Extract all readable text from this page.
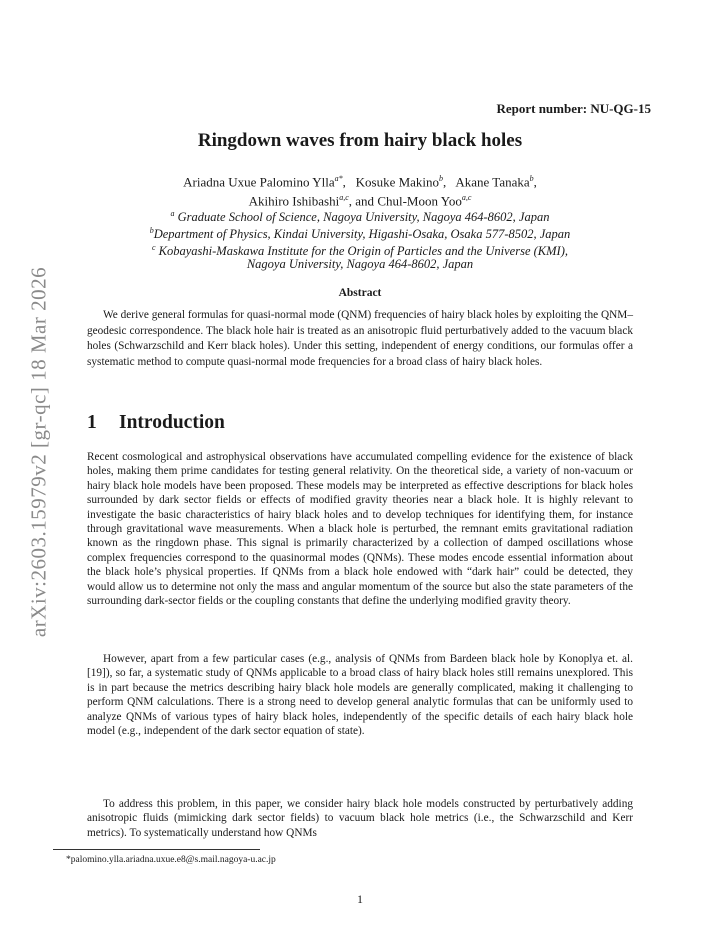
arXiv:2603.15979v2 [gr-qc] 18 Mar 2026
Report number: NU-QG-15
Ringdown waves from hairy black holes
Ariadna Uxue Palomino Ylla$^{a*}$,   Kosuke Makino$^b$,   Akane Tanaka$^b$,
Akihiro Ishibashi$^{a,c}$, and Chul-Moon Yoo$^{a,c}$
$^a$ Graduate School of Science, Nagoya University, Nagoya 464-8602, Japan
$^b$Department of Physics, Kindai University, Higashi-Osaka, Osaka 577-8502, Japan
$^c$ Kobayashi-Maskawa Institute for the Origin of Particles and the Universe (KMI),
Nagoya University, Nagoya 464-8602, Japan
Abstract
We derive general formulas for quasi-normal mode (QNM) frequencies of hairy black holes by exploiting the QNM–geodesic correspondence. The black hole hair is treated as an anisotropic fluid perturbatively added to the vacuum black holes (Schwarzschild and Kerr black holes). Under this setting, independent of energy conditions, our formulas offer a systematic method to compute quasi-normal mode frequencies for a broad class of hairy black holes.
1 Introduction
Recent cosmological and astrophysical observations have accumulated compelling evidence for the existence of black holes, making them prime candidates for testing general relativity. On the theoretical side, a variety of non-vacuum or hairy black hole models have been proposed. These models may be interpreted as effective descriptions for black holes surrounded by dark sector fields or effects of modified gravity theories near a black hole. It is highly relevant to investigate the basic characteristics of hairy black holes and to develop techniques for identifying them, for instance through gravitational wave measurements. When a black hole is perturbed, the remnant emits gravitational radiation known as the ringdown phase. This signal is primarily characterized by a collection of damped oscillations whose complex frequencies correspond to the quasinormal modes (QNMs). These modes encode essential information about the black hole’s physical properties. If QNMs from a black hole endowed with “dark hair” could be detected, they would allow us to determine not only the mass and angular momentum of the source but also the state parameters of the surrounding dark-sector fields or the coupling constants that define the underlying modified gravity theory.
However, apart from a few particular cases (e.g., analysis of QNMs from Bardeen black hole by Konoplya et. al. [19]), so far, a systematic study of QNMs applicable to a broad class of hairy black holes still remains unexplored. This is in part because the metrics describing hairy black hole models are generally complicated, making it challenging to perform QNM calculations. There is a strong need to develop general analytic formulas that can be uniformly used to analyze QNMs of various types of hairy black holes, independently of the specific details of each hairy black hole model (e.g., independent of the dark sector equation of state).
To address this problem, in this paper, we consider hairy black hole models constructed by perturbatively adding anisotropic fluids (mimicking dark sector fields) to vacuum black hole metrics (i.e., the Schwarzschild and Kerr metrics). To systematically understand how QNMs
*palomino.ylla.ariadna.uxue.e8@s.mail.nagoya-u.ac.jp
1
